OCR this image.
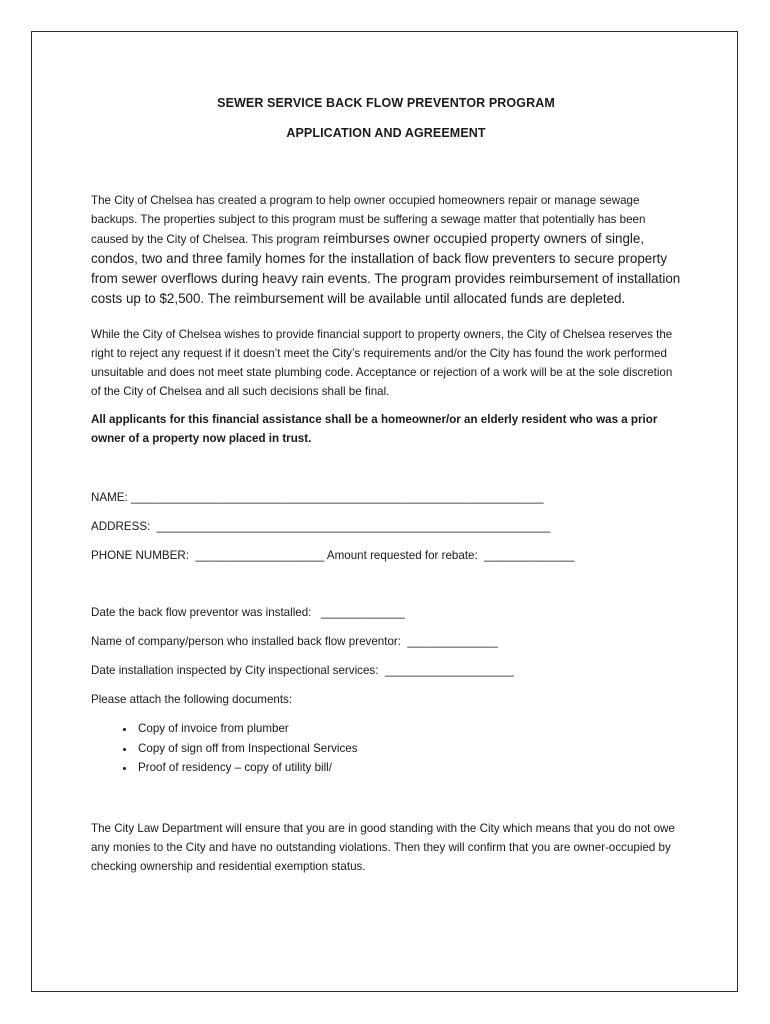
SEWER SERVICE BACK FLOW PREVENTOR PROGRAM
APPLICATION AND AGREEMENT

The City of Chelsea has created a program to help owner occupied homeowners repair or manage sewage backups. The properties subject to this program must be suffering a sewage matter that potentially has been caused by the City of Chelsea. This program reimburses owner occupied property owners of single, condos, two and three family homes for the installation of back flow preventers to secure property from sewer overflows during heavy rain events. The program provides reimbursement of installation costs up to $2,500. The reimbursement will be available until allocated funds are depleted.

While the City of Chelsea wishes to provide financial support to property owners, the City of Chelsea reserves the right to reject any request if it doesn’t meet the City’s requirements and/or the City has found the work performed unsuitable and does not meet state plumbing code. Acceptance or rejection of a work will be at the sole discretion of the City of Chelsea and all such decisions shall be final.

All applicants for this financial assistance shall be a homeowner/or an elderly resident who was a prior owner of a property now placed in trust.

NAME: ________________________________________________________________
ADDRESS:  _____________________________________________________________
PHONE NUMBER:  ____________________ Amount requested for rebate:  ______________
Date the back flow preventor was installed:   _____________
Name of company/person who installed back flow preventor:  ______________
Date installation inspected by City inspectional services:  ____________________
Please attach the following documents:
• Copy of invoice from plumber
• Copy of sign off from Inspectional Services
• Proof of residency – copy of utility bill/

The City Law Department will ensure that you are in good standing with the City which means that you do not owe any monies to the City and have no outstanding violations. Then they will confirm that you are owner-occupied by checking ownership and residential exemption status.
